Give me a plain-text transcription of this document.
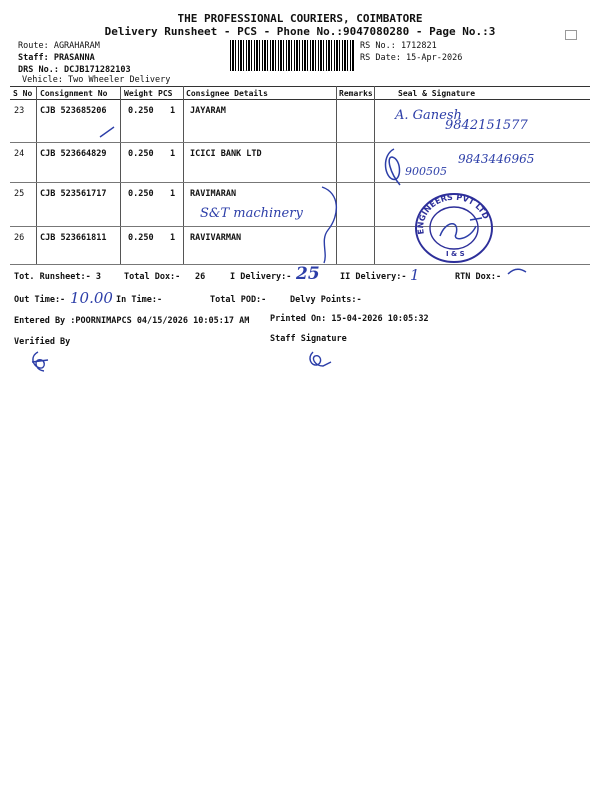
THE PROFESSIONAL COURIERS, COIMBATORE
Delivery Runsheet - PCS - Phone No.:9047080280 - Page No.:3
Route: AGRAHARAM
Staff: PRASANNA
DRS No.: DCJB171282103
Vehicle: Two Wheeler Delivery
RS No.: 1712821
RS Date: 15-Apr-2026
S No Consignment No Weight PCS Consignee Details	Remarks	Seal & Signature
23 CJB 523685206	0.250 1 JAYARAM
24 CJB 523664829	0.250 1 ICICI BANK LTD
25 CJB 523561717	0.250 1 RAVIMARAN
26 CJB 523661811	0.250 1 RAVIVARMAN
A. Ganesh
9842151577
900505
9843446965
S&T machinery
ENGINEERS PVT LTD
I & S
Tot. Runsheet:- 3	Total Dox:- 26	I Delivery:- 25 II Delivery:- 1	RTN Dox:-
Out Time:- 10.00 In Time:-	Total POD:-	Delvy Points:-
Entered By :POORNIMAPCS 04/15/2026 10:05:17 AM Printed On: 15-04-2026 10:05:32
Verified By	Staff Signature
